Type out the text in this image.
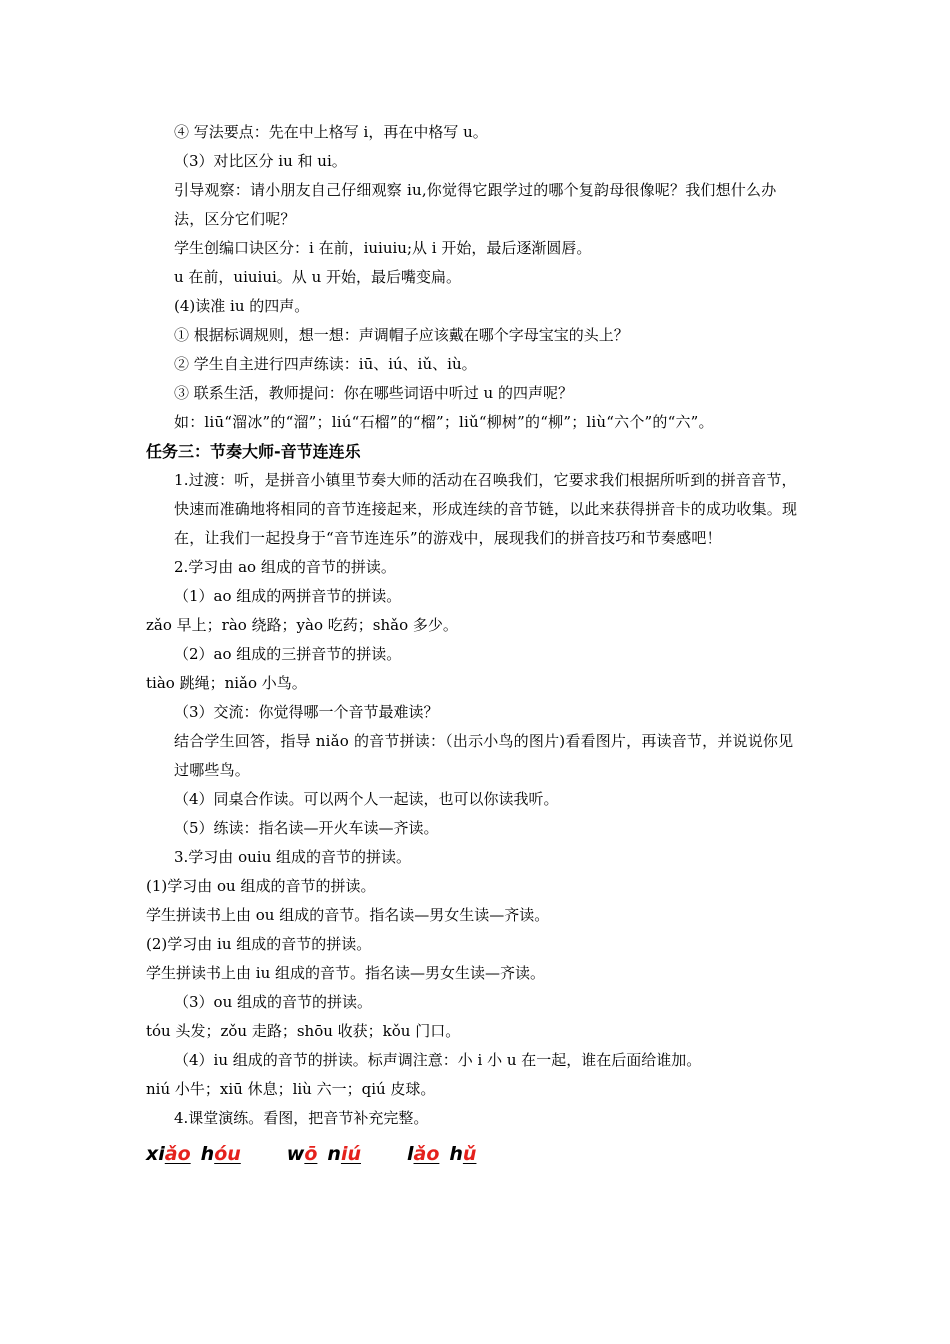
④ 写法要点：先在中上格写 i，再在中格写 u。
（3）对比区分 iu 和 ui。
引导观察：请小朋友自己仔细观察 iu,你觉得它跟学过的哪个复韵母很像呢？我们想什么办法，区分它们呢？
学生创编口诀区分：i 在前，iuiuiu;从 i 开始，最后逐渐圆唇。
u 在前，uiuiui。从 u 开始，最后嘴变扁。
(4)读准 iu 的四声。
① 根据标调规则，想一想：声调帽子应该戴在哪个字母宝宝的头上？
② 学生自主进行四声练读：iū、iú、iǔ、iù。
③ 联系生活，教师提问：你在哪些词语中听过 u 的四声呢？
如：liū“溜冰”的“溜”；liú“石榴”的“榴”；liǔ“柳树”的“柳”；liù“六个”的“六”。
任务三：节奏大师-音节连连乐
1.过渡：听，是拼音小镇里节奏大师的活动在召唤我们，它要求我们根据所听到的拼音音节，快速而准确地将相同的音节连接起来，形成连续的音节链，以此来获得拼音卡的成功收集。现在，让我们一起投身于“音节连连乐”的游戏中，展现我们的拼音技巧和节奏感吧！
2.学习由 ao 组成的音节的拼读。
（1）ao 组成的两拼音节的拼读。
zǎo 早上；rào 绕路；yào 吃药；shǎo 多少。
（2）ao 组成的三拼音节的拼读。
tiào 跳绳；niǎo 小鸟。
（3）交流：你觉得哪一个音节最难读？
结合学生回答，指导 niǎo 的音节拼读：（出示小鸟的图片)看看图片，再读音节，并说说你见过哪些鸟。
（4）同桌合作读。可以两个人一起读，也可以你读我听。
（5）练读：指名读—开火车读—齐读。
3.学习由 ouiu 组成的音节的拼读。
(1)学习由 ou 组成的音节的拼读。
学生拼读书上由 ou 组成的音节。指名读—男女生读—齐读。
(2)学习由 iu 组成的音节的拼读。
学生拼读书上由 iu 组成的音节。指名读—男女生读—齐读。
（3）ou 组成的音节的拼读。
tóu 头发；zǒu 走路；shōu 收获；kǒu 门口。
（4）iu 组成的音节的拼读。标声调注意：小 i 小 u 在一起，谁在后面给谁加。
niú 小牛；xiū 休息；liù 六一；qiú 皮球。
4.课堂演练。看图，把音节补充完整。
xiǎo hóu wō niú lǎo hǔ
